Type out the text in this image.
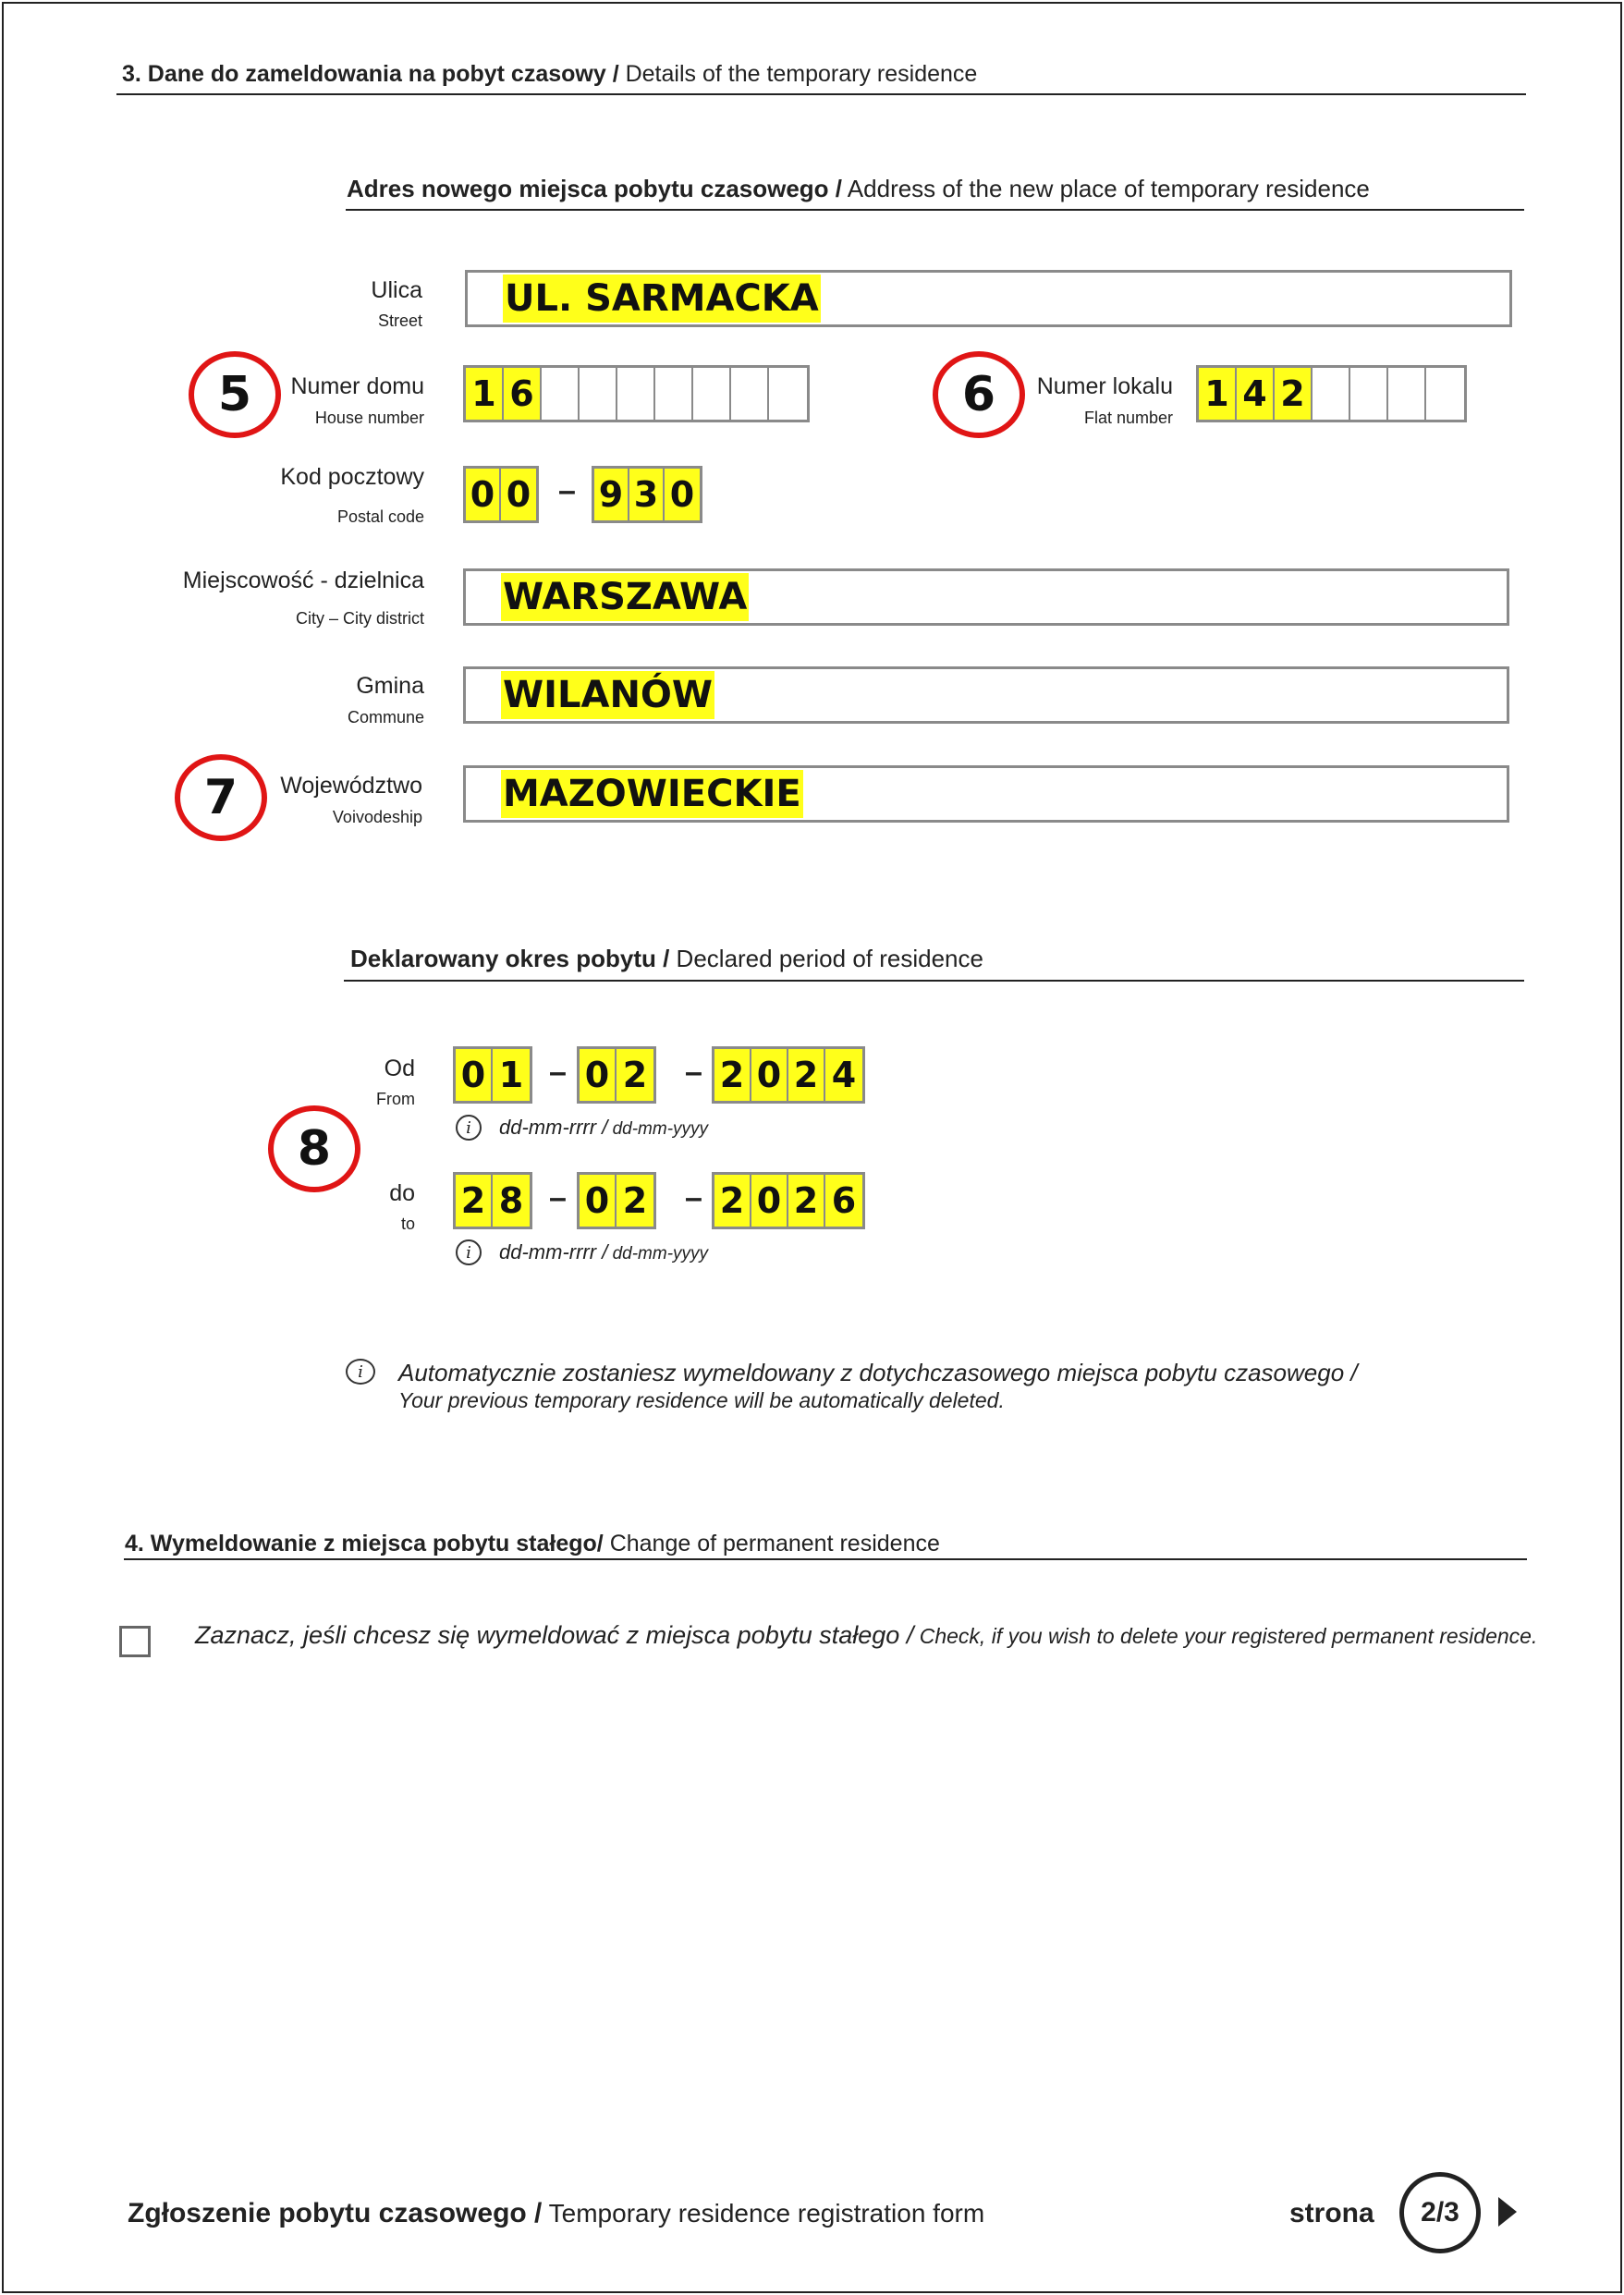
3. Dane do zameldowania na pobyt czasowy / Details of the temporary residence
Adres nowego miejsca pobytu czasowego / Address of the new place of temporary residence
Ulica
Street
UL. SARMACKA
5 Numer domu
House number
1 6	6 Numer lokalu
Flat number
1 4 2
Kod pocztowy
Postal code
0 0 – 9 3 0
Miejscowość - dzielnica
City – City district WARSZAWA
Gmina
Commune
WILANÓW
7 Województwo
Voivodeship
MAZOWIECKIE
Deklarowany okres pobytu / Declared period of residence
8
Od
From
0 1 – 0 2 – 2 0 2 4
i	dd-mm-rrrr / dd-mm-yyyy
do
to
2 8 – 0 2 – 2 0 2 6
i	dd-mm-rrrr / dd-mm-yyyy
i	Automatycznie zostaniesz wymeldowany z dotychczasowego miejsca pobytu czasowego /
Your previous temporary residence will be automatically deleted.
4. Wymeldowanie z miejsca pobytu stałego/ Change of permanent residence
Zaznacz, jeśli chcesz się wymeldować z miejsca pobytu stałego / Check, if you wish to delete your registered permanent residence.
Zgłoszenie pobytu czasowego / Temporary residence registration form	strona	2/3
